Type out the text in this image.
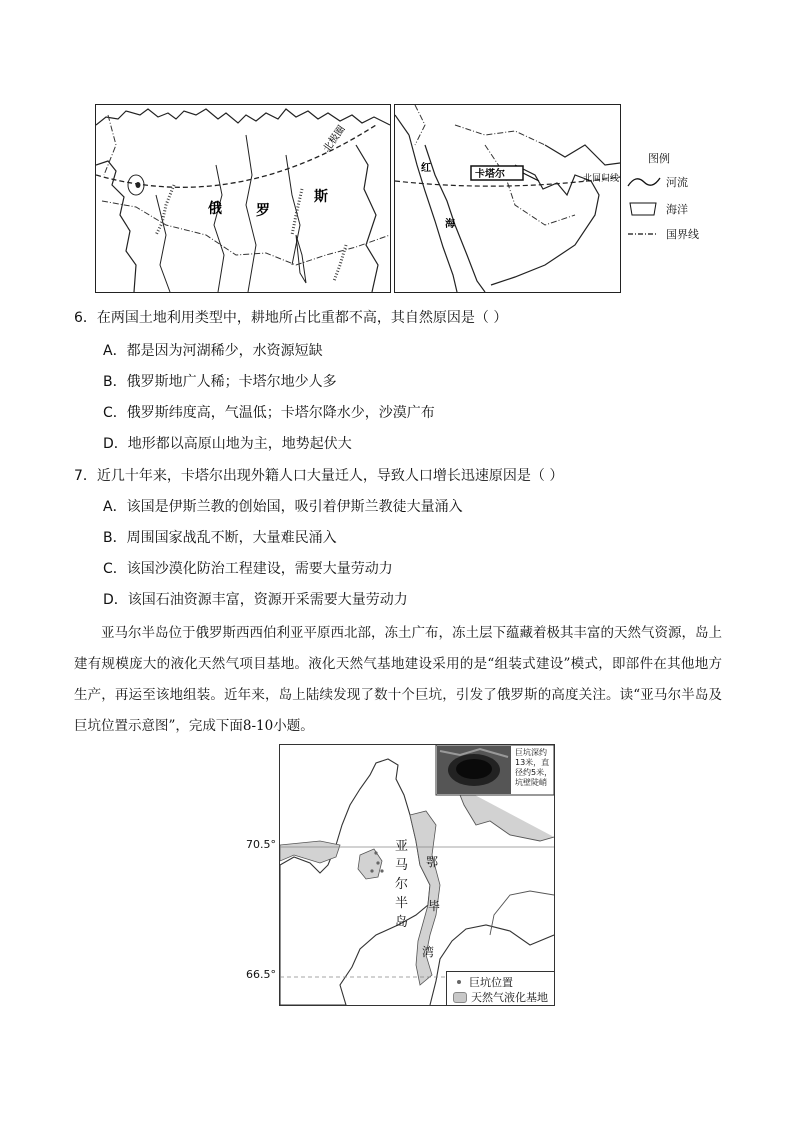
北极圈
俄 罗
斯
卡塔尔
红
海
北回归线
图例
河流
海洋
国界线
6．在两国土地利用类型中，耕地所占比重都不高，其自然原因是（ ）
A．都是因为河湖稀少，水资源短缺
B．俄罗斯地广人稀；卡塔尔地少人多
C．俄罗斯纬度高，气温低；卡塔尔降水少，沙漠广布
D．地形都以高原山地为主，地势起伏大
7．近几十年来，卡塔尔出现外籍人口大量迁人，导致人口增长迅速原因是（ ）
A．该国是伊斯兰教的创始国，吸引着伊斯兰教徒大量涌入
B．周围国家战乱不断，大量难民涌入
C．该国沙漠化防治工程建设，需要大量劳动力
D．该国石油资源丰富，资源开采需要大量劳动力

亚马尔半岛位于俄罗斯西西伯利亚平原西北部，冻土广布，冻土层下蕴藏着极其丰富的天然气资源，岛上建有规模庞大的液化天然气项目基地。液化天然气基地建设采用的是“组装式建设”模式，即部件在其他地方生产，再运至该地组装。近年来，岛上陆续发现了数十个巨坑，引发了俄罗斯的高度关注。读“亚马尔半岛及巨坑位置示意图”，完成下面8-10小题。

70.5°
66.5°
巨坑深约13米，直径约5米，坑壁陡峭
亚
马
尔
半
岛
鄂
毕
湾
巨坑位置
天然气液化基地
